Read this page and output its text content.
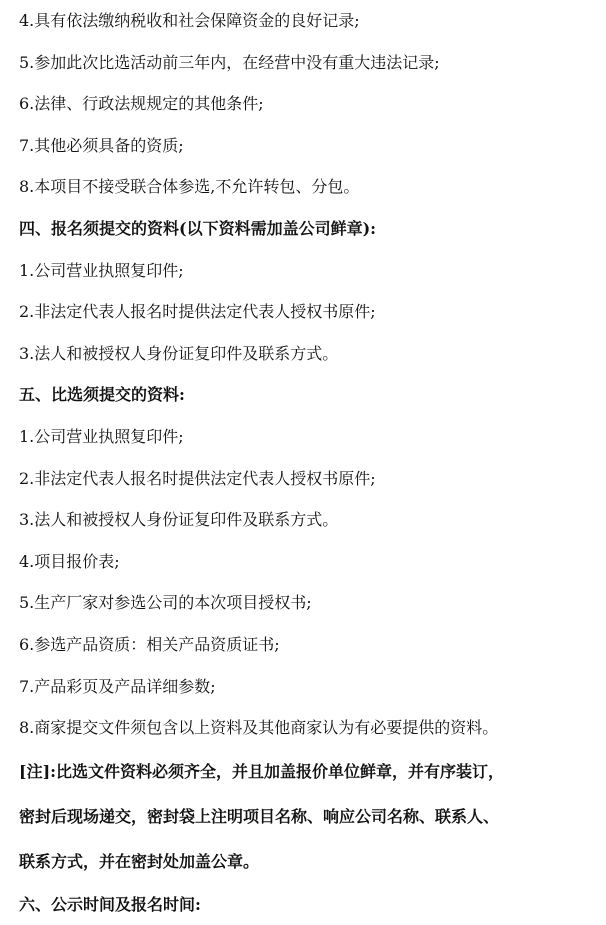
4.具有依法缴纳税收和社会保障资金的良好记录;

5.参加此次比选活动前三年内，在经营中没有重大违法记录;

6.法律、行政法规规定的其他条件;

7.其他必须具备的资质;

8.本项目不接受联合体参选,不允许转包、分包。

四、报名须提交的资料(以下资料需加盖公司鲜章):

1.公司营业执照复印件;

2.非法定代表人报名时提供法定代表人授权书原件;

3.法人和被授权人身份证复印件及联系方式。

五、比选须提交的资料:

1.公司营业执照复印件;

2.非法定代表人报名时提供法定代表人授权书原件;

3.法人和被授权人身份证复印件及联系方式。

4.项目报价表;

5.生产厂家对参选公司的本次项目授权书;

6.参选产品资质：相关产品资质证书;

7.产品彩页及产品详细参数;

8.商家提交文件须包含以上资料及其他商家认为有必要提供的资料。

[注]:比选文件资料必须齐全，并且加盖报价单位鲜章，并有序装订，

密封后现场递交，密封袋上注明项目名称、响应公司名称、联系人、

联系方式，并在密封处加盖公章。

六、公示时间及报名时间:
